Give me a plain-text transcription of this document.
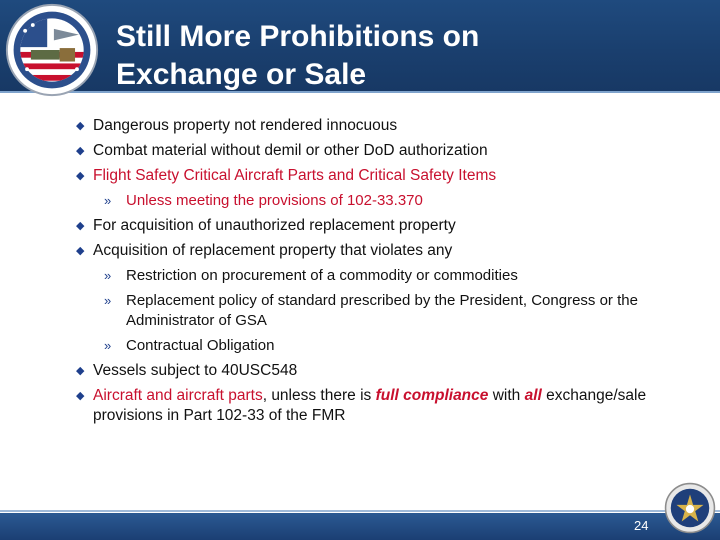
Still More Prohibitions on
Exchange or Sale
◆ Dangerous property not rendered innocuous
◆ Combat material without demil or other DoD authorization
◆ Flight Safety Critical Aircraft Parts and Critical Safety Items
» Unless meeting the provisions of 102-33.370
◆ For acquisition of unauthorized replacement property
◆ Acquisition of replacement property that violates any
» Restriction on procurement of a commodity or commodities
» Replacement policy of standard prescribed by the President, Congress or the Administrator of GSA
» Contractual Obligation
◆ Vessels subject to 40USC548
◆ Aircraft and aircraft parts, unless there is full compliance with all exchange/sale provisions in Part 102-33 of the FMR
24
